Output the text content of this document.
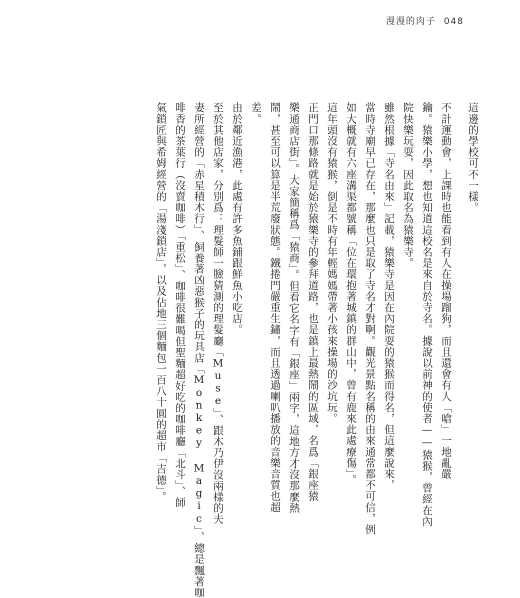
漫漫的肉子 048
這邊的學校可不一樣。
不計運動會，上課時也能看到有人在操場蹓狗，而且還會有人「嗆」一地亂嚴
鑰。猿樂小學，想也知道這校名是來自於寺名。據說以前神的使者——猿猴，曾經在內
院快樂玩耍，因此取名為猿樂寺。
雖然根據「寺名由來」記載，猿樂寺是因在內院耍的猿猴而得名，但這麼說來，
當時寺廟早已存在，那麼也只是取了寺名才對啊。觀光景點名稱的由來通常都不可信，例
如大概就有六座溝渠都號稱「位在環抱著城鎮的群山中，曾有鹿來此處療傷」。
這年頭沒有猿猴，倒是不時有年輕媽媽帶著小孩來操場的沙坑玩。
正門口那條路就是始於猿樂寺的參拜道路，也是鎮上最熱鬧的區域，名爲「銀座猿
樂通商店街」。大家簡稱爲「猿商」。但看它名字有「銀座」兩字，這地方才沒那麼熱
鬧，甚至可以算是半荒廢狀態。鐵捲門嚴重生鏽，而且透過喇叭播放的音樂音質也超
差。
由於鄰近漁港，此處有許多魚鋪跟鮮魚小吃店。
至於其他店家，分別爲：理髮師一臉猜測的理髮廳「Muse」、跟木乃伊沒兩樣的夫
妻所經營的「赤星積木行」、飼養著凶惡猴子的玩具店「Monkey Magic」、總是飄著咖
啡香的茶葉行（沒賣咖啡）「重松」、咖啡很難喝但聖麵超好吃的咖啡廳「北斗」、師
氣鎖匠與希姆經營的「湯淺鎖店」，以及佔地三個麵包一百八十圓的超市「吉德」。
